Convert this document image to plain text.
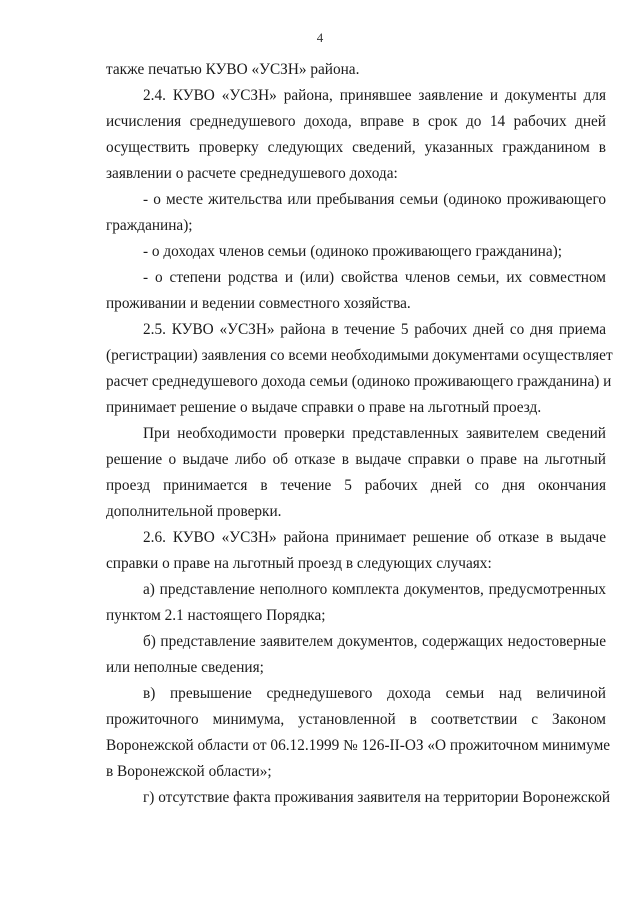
4
также печатью КУВО «УСЗН» района.
2.4. КУВО «УСЗН» района, принявшее заявление и документы для
исчисления среднедушевого дохода, вправе в срок до 14 рабочих дней
осуществить проверку следующих сведений, указанных гражданином в
заявлении о расчете среднедушевого дохода:
- о месте жительства или пребывания семьи (одиноко проживающего
гражданина);
- о доходах членов семьи (одиноко проживающего гражданина);
- о степени родства и (или) свойства членов семьи, их совместном
проживании и ведении совместного хозяйства.
2.5. КУВО «УСЗН» района в течение 5 рабочих дней со дня приема
(регистрации) заявления со всеми необходимыми документами осуществляет
расчет среднедушевого дохода семьи (одиноко проживающего гражданина) и
принимает решение о выдаче справки о праве на льготный проезд.
При необходимости проверки представленных заявителем сведений
решение о выдаче либо об отказе в выдаче справки о праве на льготный
проезд принимается в течение 5 рабочих дней со дня окончания
дополнительной проверки.
2.6. КУВО «УСЗН» района принимает решение об отказе в выдаче
справки о праве на льготный проезд в следующих случаях:
а) представление неполного комплекта документов, предусмотренных
пунктом 2.1 настоящего Порядка;
б) представление заявителем документов, содержащих недостоверные
или неполные сведения;
в) превышение среднедушевого дохода семьи над величиной
прожиточного минимума, установленной в соответствии с Законом
Воронежской области от 06.12.1999 № 126-II-ОЗ «О прожиточном минимуме
в Воронежской области»;
г) отсутствие факта проживания заявителя на территории Воронежской
